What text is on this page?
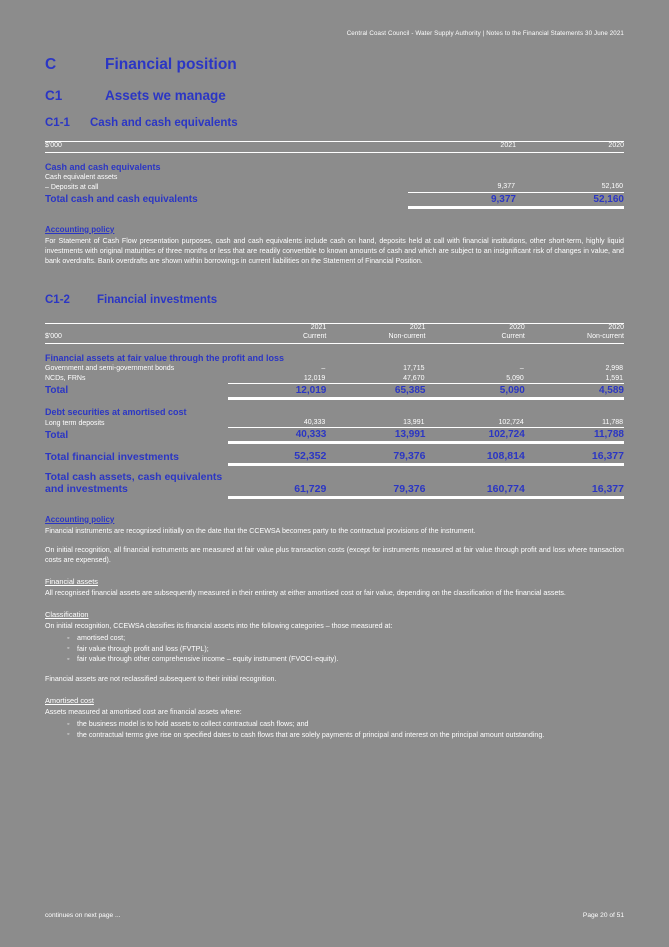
Central Coast Council - Water Supply Authority | Notes to the Financial Statements 30 June 2021
C	Financial position
C1	Assets we manage
C1-1	Cash and cash equivalents
$'000	2021	2020
Cash and cash equivalents		
Cash equivalent assets		
– Deposits at call	9,377	52,160
Total cash and cash equivalents	9,377	52,160

Accounting policy

For Statement of Cash Flow presentation purposes, cash and cash equivalents include cash on hand, deposits held at call with financial institutions, other short-term, highly liquid investments with original maturities of three months or less that are readily convertible to known amounts of cash and which are subject to an insignificant risk of changes in value, and bank overdrafts. Bank overdrafts are shown within borrowings in current liabilities on the Statement of Financial Position.

C1-2	Financial investments
	2021	2021	2020	2020
$'000	Current	Non-current	Current	Non-current
Financial assets at fair value through the profit and loss				
Government and semi-government bonds	–	17,715	–	2,998
NCDs, FRNs	12,019	47,670	5,090	1,591
Total	12,019	65,385	5,090	4,589

Debt securities at amortised cost				
Long term deposits	40,333	13,991	102,724	11,788
Total	40,333	13,991	102,724	11,788

Total financial investments	52,352	79,376	108,814	16,377

Total cash assets, cash equivalents and investments	61,729	79,376	160,774	16,377

Accounting policy

Financial instruments are recognised initially on the date that the CCEWSA becomes party to the contractual provisions of the instrument.

On initial recognition, all financial instruments are measured at fair value plus transaction costs (except for instruments measured at fair value through profit and loss where transaction costs are expensed).

Financial assets

All recognised financial assets are subsequently measured in their entirety at either amortised cost or fair value, depending on the classification of the financial assets.

Classification

On initial recognition, CCEWSA classifies its financial assets into the following categories – those measured at:

◦ amortised cost;
◦ fair value through profit and loss (FVTPL);
◦ fair value through other comprehensive income – equity instrument (FVOCI-equity).

Financial assets are not reclassified subsequent to their initial recognition.

Amortised cost

Assets measured at amortised cost are financial assets where:

◦ the business model is to hold assets to collect contractual cash flows; and
◦ the contractual terms give rise on specified dates to cash flows that are solely payments of principal and interest on the principal amount outstanding.
continues on next page ...	Page 20 of 51
